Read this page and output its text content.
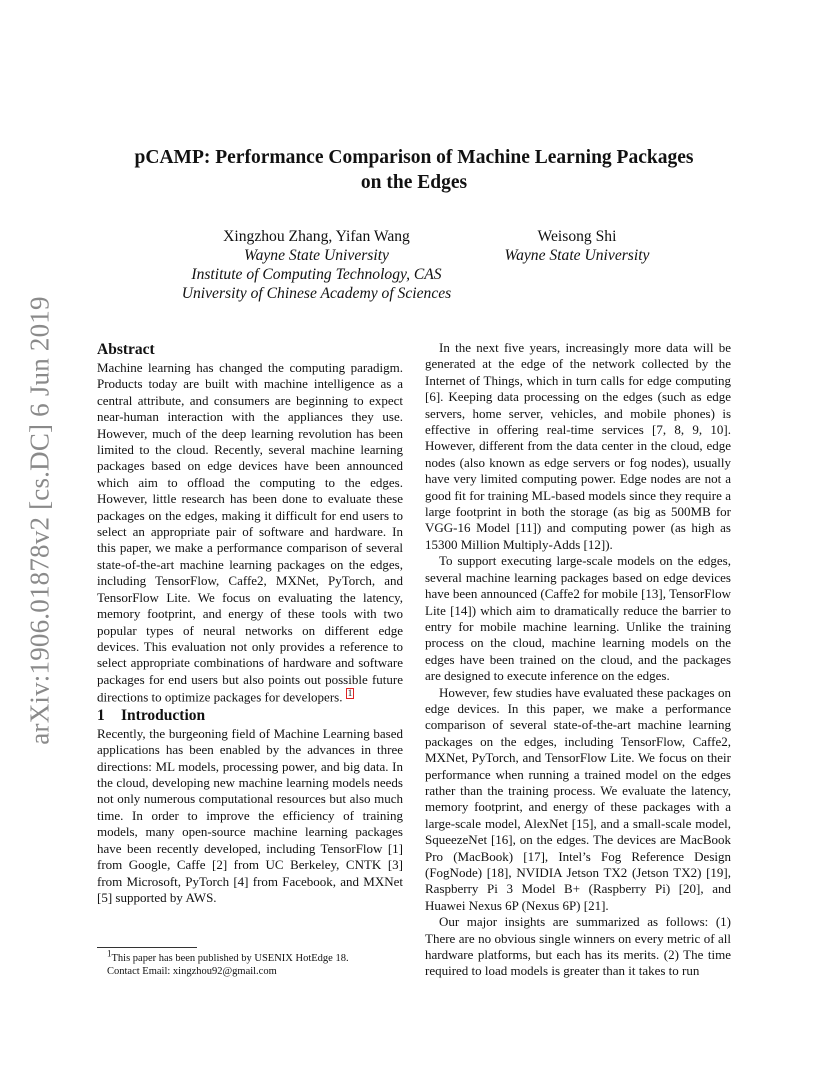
arXiv:1906.01878v2 [cs.DC] 6 Jun 2019
pCAMP: Performance Comparison of Machine Learning Packages
on the Edges
Xingzhou Zhang, Yifan Wang
Wayne State University
Institute of Computing Technology, CAS
University of Chinese Academy of Sciences
Weisong Shi
Wayne State University
Abstract

Machine learning has changed the computing paradigm. Products today are built with machine intelligence as a central attribute, and consumers are beginning to expect near-human interaction with the appliances they use. However, much of the deep learning revolution has been limited to the cloud. Recently, several machine learning packages based on edge devices have been announced which aim to offload the computing to the edges. However, little research has been done to evaluate these packages on the edges, making it difficult for end users to select an appropriate pair of software and hardware. In this paper, we make a performance comparison of several state-of-the-art machine learning packages on the edges, including TensorFlow, Caffe2, MXNet, PyTorch, and TensorFlow Lite. We focus on evaluating the latency, memory footprint, and energy of these tools with two popular types of neural networks on different edge devices. This evaluation not only provides a reference to select appropriate combinations of hardware and software packages for end users but also points out possible future directions to optimize packages for developers. 1

1 Introduction

Recently, the burgeoning field of Machine Learning based applications has been enabled by the advances in three directions: ML models, processing power, and big data. In the cloud, developing new machine learning models needs not only numerous computational resources but also much time. In order to improve the efficiency of training models, many open-source machine learning packages have been recently developed, including TensorFlow [1] from Google, Caffe [2] from UC Berkeley, CNTK [3] from Microsoft, PyTorch [4] from Facebook, and MXNet [5] supported by AWS.

In the next five years, increasingly more data will be generated at the edge of the network collected by the Internet of Things, which in turn calls for edge computing [6]. Keeping data processing on the edges (such as edge servers, home server, vehicles, and mobile phones) is effective in offering real-time services [7, 8, 9, 10]. However, different from the data center in the cloud, edge nodes (also known as edge servers or fog nodes), usually have very limited computing power. Edge nodes are not a good fit for training ML-based models since they require a large footprint in both the storage (as big as 500MB for VGG-16 Model [11]) and computing power (as high as 15300 Million Multiply-Adds [12]).

To support executing large-scale models on the edges, several machine learning packages based on edge devices have been announced (Caffe2 for mobile [13], TensorFlow Lite [14]) which aim to dramatically reduce the barrier to entry for mobile machine learning. Unlike the training process on the cloud, machine learning models on the edges have been trained on the cloud, and the packages are designed to execute inference on the edges.

However, few studies have evaluated these packages on edge devices. In this paper, we make a performance comparison of several state-of-the-art machine learning packages on the edges, including TensorFlow, Caffe2, MXNet, PyTorch, and TensorFlow Lite. We focus on their performance when running a trained model on the edges rather than the training process. We evaluate the latency, memory footprint, and energy of these packages with a large-scale model, AlexNet [15], and a small-scale model, SqueezeNet [16], on the edges. The devices are MacBook Pro (MacBook) [17], Intel’s Fog Reference Design (FogNode) [18], NVIDIA Jetson TX2 (Jetson TX2) [19], Raspberry Pi 3 Model B+ (Raspberry Pi) [20], and Huawei Nexus 6P (Nexus 6P) [21].

Our major insights are summarized as follows: (1) There are no obvious single winners on every metric of all hardware platforms, but each has its merits. (2) The time required to load models is greater than it takes to run

1This paper has been published by USENIX HotEdge 18.
Contact Email: xingzhou92@gmail.com
